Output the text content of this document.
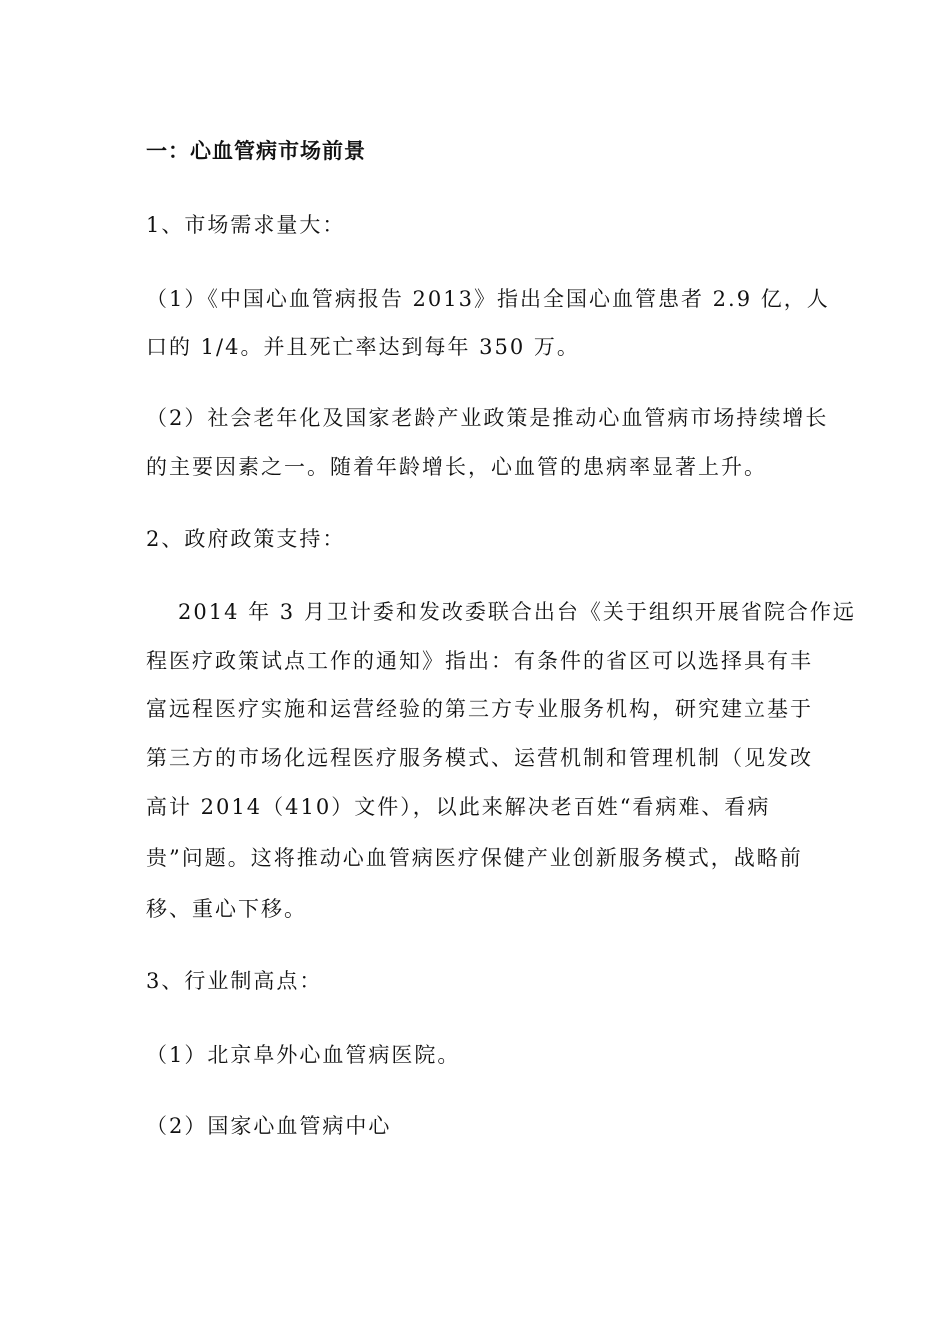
一：心血管病市场前景
1、市场需求量大：
（1）《中国心血管病报告 2013》指出全国心血管患者 2.9 亿，人
口的 1/4。并且死亡率达到每年 350 万。
（2）社会老年化及国家老龄产业政策是推动心血管病市场持续增长
的主要因素之一。随着年龄增长，心血管的患病率显著上升。
2、政府政策支持：
2014 年 3 月卫计委和发改委联合出台《关于组织开展省院合作远
程医疗政策试点工作的通知》指出：有条件的省区可以选择具有丰
富远程医疗实施和运营经验的第三方专业服务机构，研究建立基于
第三方的市场化远程医疗服务模式、运营机制和管理机制（见发改
高计 2014（410）文件），以此来解决老百姓“看病难、看病
贵”问题。这将推动心血管病医疗保健产业创新服务模式，战略前
移、重心下移。
3、行业制高点：
（1）北京阜外心血管病医院。
（2）国家心血管病中心
